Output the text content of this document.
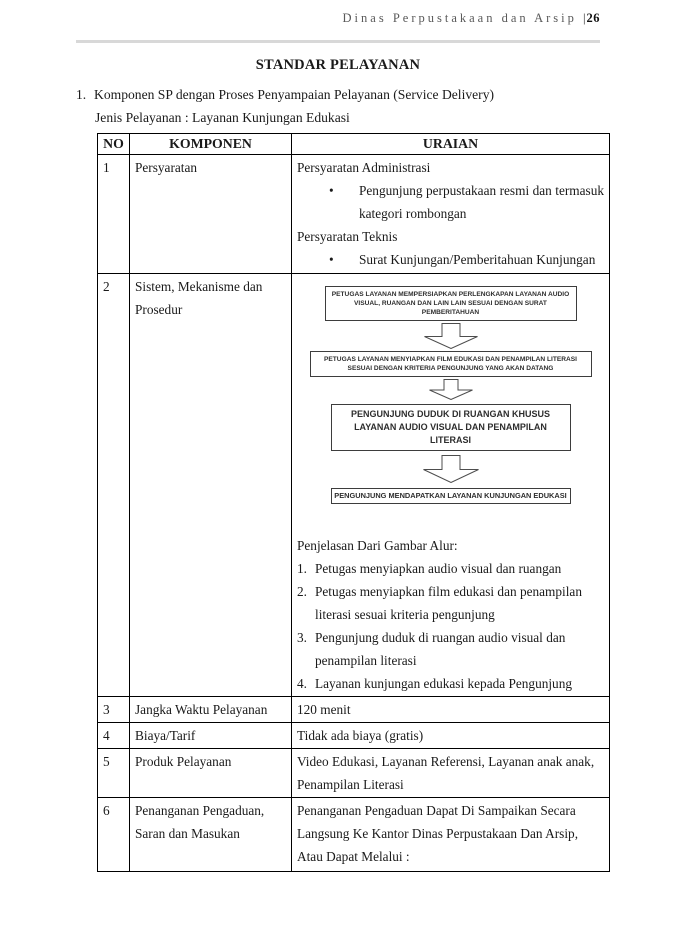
Dinas Perpustakaan dan Arsip |26
STANDAR PELAYANAN
1. Komponen SP dengan Proses Penyampaian Pelayanan (Service Delivery)
Jenis Pelayanan : Layanan Kunjungan Edukasi
NO	KOMPONEN	URAIAN
1	Persyaratan	Persyaratan Administrasi
• Pengunjung perpustakaan resmi dan termasuk kategori rombongan
Persyaratan Teknis
• Surat Kunjungan/Pemberitahuan Kunjungan

2	Sistem, Mekanisme dan Prosedur	
PETUGAS LAYANAN MEMPERSIAPKAN PERLENGKAPAN LAYANAN AUDIO VISUAL, RUANGAN DAN LAIN LAIN SESUAI DENGAN SURAT PEMBERITAHUAN
PETUGAS LAYANAN MENYIAPKAN FILM EDUKASI DAN PENAMPILAN LITERASI SESUAI DENGAN KRITERIA PENGUNJUNG YANG AKAN DATANG
PENGUNJUNG DUDUK DI RUANGAN KHUSUS LAYANAN AUDIO VISUAL DAN PENAMPILAN LITERASI
PENGUNJUNG MENDAPATKAN LAYANAN KUNJUNGAN EDUKASI
Penjelasan Dari Gambar Alur:
1. Petugas menyiapkan audio visual dan ruangan
2. Petugas menyiapkan film edukasi dan penampilan literasi sesuai kriteria pengunjung
3. Pengunjung duduk di ruangan audio visual dan penampilan literasi
4. Layanan kunjungan edukasi kepada Pengunjung

3	Jangka Waktu Pelayanan	120 menit
4	Biaya/Tarif	Tidak ada biaya (gratis)
5	Produk Pelayanan	Video Edukasi, Layanan Referensi, Layanan anak anak, Penampilan Literasi
6	Penanganan Pengaduan, Saran dan Masukan	Penanganan Pengaduan Dapat Di Sampaikan Secara Langsung Ke Kantor Dinas Perpustakaan Dan Arsip, Atau Dapat Melalui :
